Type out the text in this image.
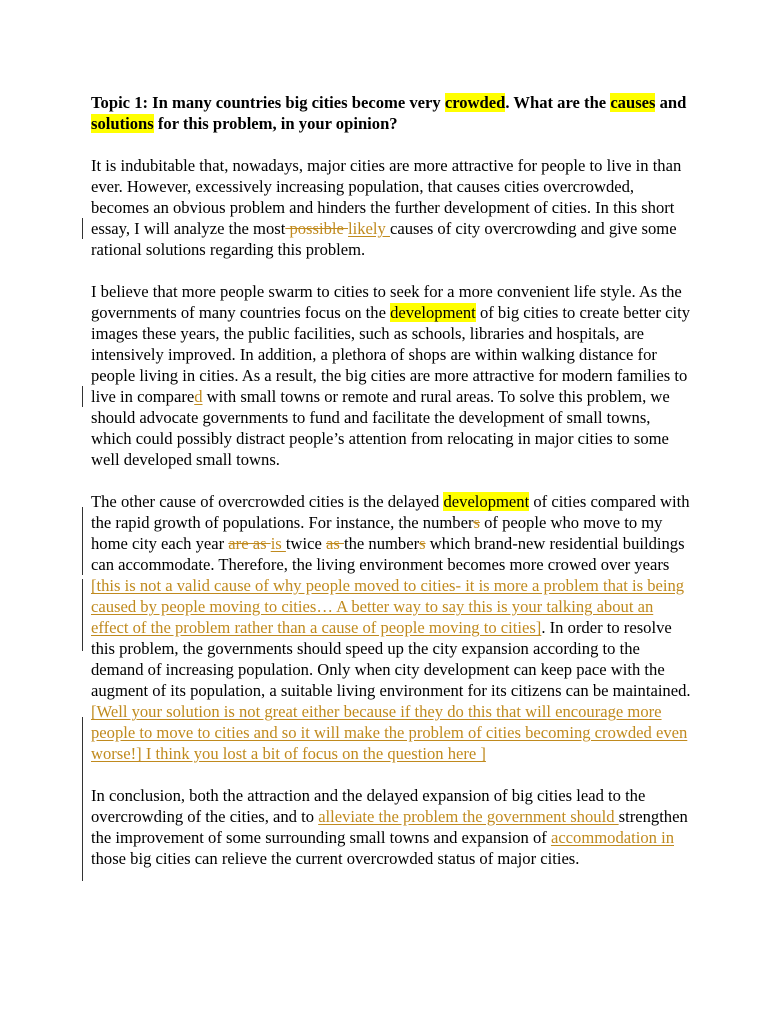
Topic 1: In many countries big cities become very crowded. What are the causes and solutions for this problem, in your opinion?

It is indubitable that, nowadays, major cities are more attractive for people to live in than ever. However, excessively increasing population, that causes cities overcrowded, becomes an obvious problem and hinders the further development of cities. In this short essay, I will analyze the most possible likely causes of city overcrowding and give some rational solutions regarding this problem.

I believe that more people swarm to cities to seek for a more convenient life style. As the governments of many countries focus on the development of big cities to create better city images these years, the public facilities, such as schools, libraries and hospitals, are intensively improved. In addition, a plethora of shops are within walking distance for people living in cities. As a result, the big cities are more attractive for modern families to live in compared with small towns or remote and rural areas. To solve this problem, we should advocate governments to fund and facilitate the development of small towns, which could possibly distract people’s attention from relocating in major cities to some well developed small towns.

The other cause of overcrowded cities is the delayed development of cities compared with the rapid growth of populations. For instance, the numbers of people who move to my home city each year are as is twice as the numbers which brand-new residential buildings can accommodate. Therefore, the living environment becomes more crowed over years [this is not a valid cause of why people moved to cities- it is more a problem that is being caused by people moving to cities… A better way to say this is your talking about an effect of the problem rather than a cause of people moving to cities]. In order to resolve this problem, the governments should speed up the city expansion according to the demand of increasing population. Only when city development can keep pace with the augment of its population, a suitable living environment for its citizens can be maintained.[Well your solution is not great either because if they do this that will encourage more people to move to cities and so it will make the problem of cities becoming crowded even worse!] I think you lost a bit of focus on the question here ]

In conclusion, both the attraction and the delayed expansion of big cities lead to the overcrowding of the cities, and to alleviate the problem the government should strengthen the improvement of some surrounding small towns and expansion of accommodation in those big cities can relieve the current overcrowded status of major cities.
